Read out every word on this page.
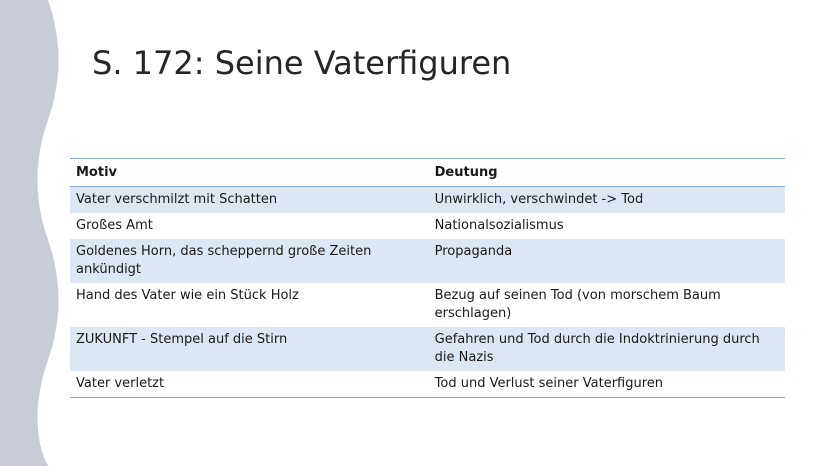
S. 172: Seine Vaterfiguren
Motiv	Deutung
Vater verschmilzt mit Schatten	Unwirklich, verschwindet -> Tod
Großes Amt	Nationalsozialismus
Goldenes Horn, das scheppernd große Zeiten ankündigt	Propaganda
Hand des Vater wie ein Stück Holz	Bezug auf seinen Tod (von morschem Baum erschlagen)
ZUKUNFT - Stempel auf die Stirn	Gefahren und Tod durch die Indoktrinierung durch die Nazis
Vater verletzt	Tod und Verlust seiner Vaterfiguren
